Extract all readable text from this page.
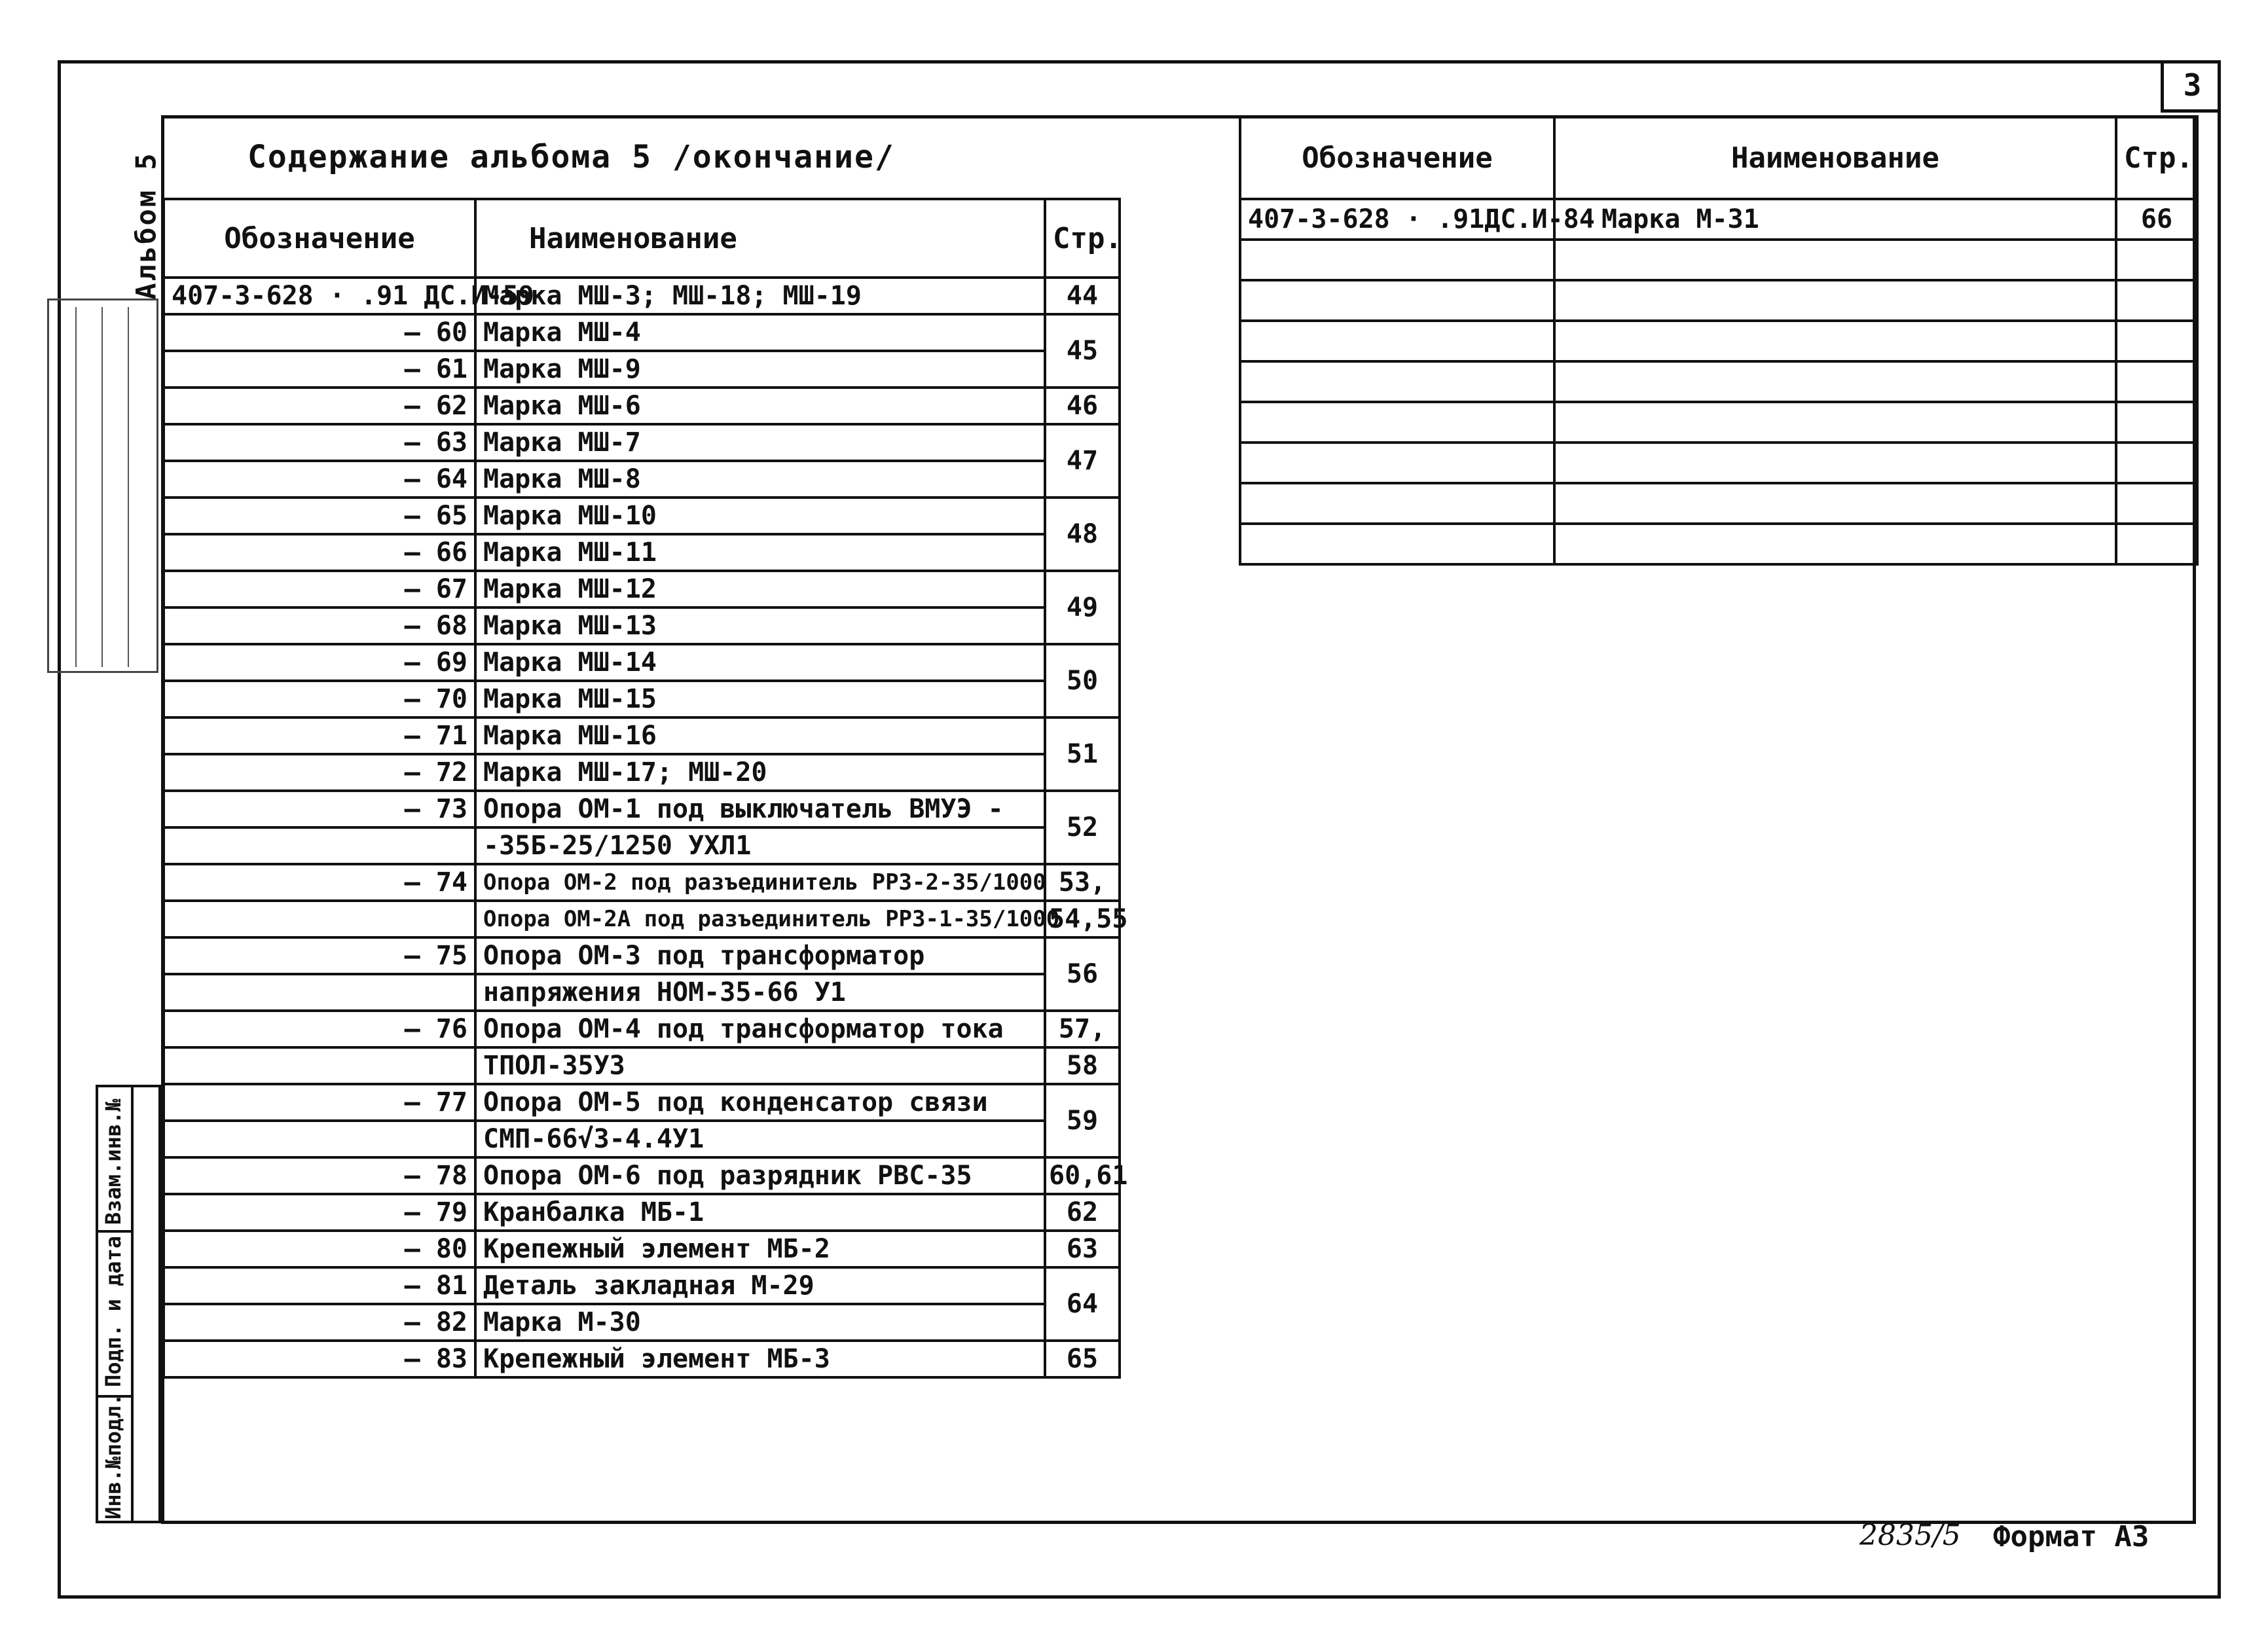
3
Альбом 5
Взам.инв.№
Подп. и дата
Инв.№подл.
Содержание альбома 5 /окончание/
Обозначение	Наименование	Стр.
407-3-628 · .91 ДС.И-59	Марка МШ-3; МШ-18; МШ-19	44
– 60	Марка МШ-4	45
– 61	Марка МШ-9	
– 62	Марка МШ-6	46
– 63	Марка МШ-7	47
– 64	Марка МШ-8	
– 65	Марка МШ-10	48
– 66	Марка МШ-11	
– 67	Марка МШ-12	49
– 68	Марка МШ-13	
– 69	Марка МШ-14	50
– 70	Марка МШ-15	
– 71	Марка МШ-16	51
– 72	Марка МШ-17; МШ-20	
– 73	Опора ОМ-1 под выключатель ВМУЭ -	52
	-35Б-25/1250 УХЛ1	
– 74	Опора ОМ-2 под разъединитель РРЗ-2-35/1000	53,
	Опора ОМ-2А под разъединитель РРЗ-1-35/1000	54,55
– 75	Опора ОМ-3 под трансформатор	56
	напряжения НОМ-35-66 У1	
– 76	Опора ОМ-4 под трансформатор тока	57,
	ТПОЛ-35У3	58
– 77	Опора ОМ-5 под конденсатор связи	59
	СМП-66√3-4.4У1	
– 78	Опора ОМ-6 под разрядник РВС-35	60,61
– 79	Кранбалка МБ-1	62
– 80	Крепежный элемент МБ-2	63
– 81	Деталь закладная М-29	64
– 82	Марка М-30	
– 83	Крепежный элемент МБ-3	65
Обозначение	Наименование	Стр.
407-3-628 · .91ДС.И-84	Марка М-31	66

2835/5 Формат А3
